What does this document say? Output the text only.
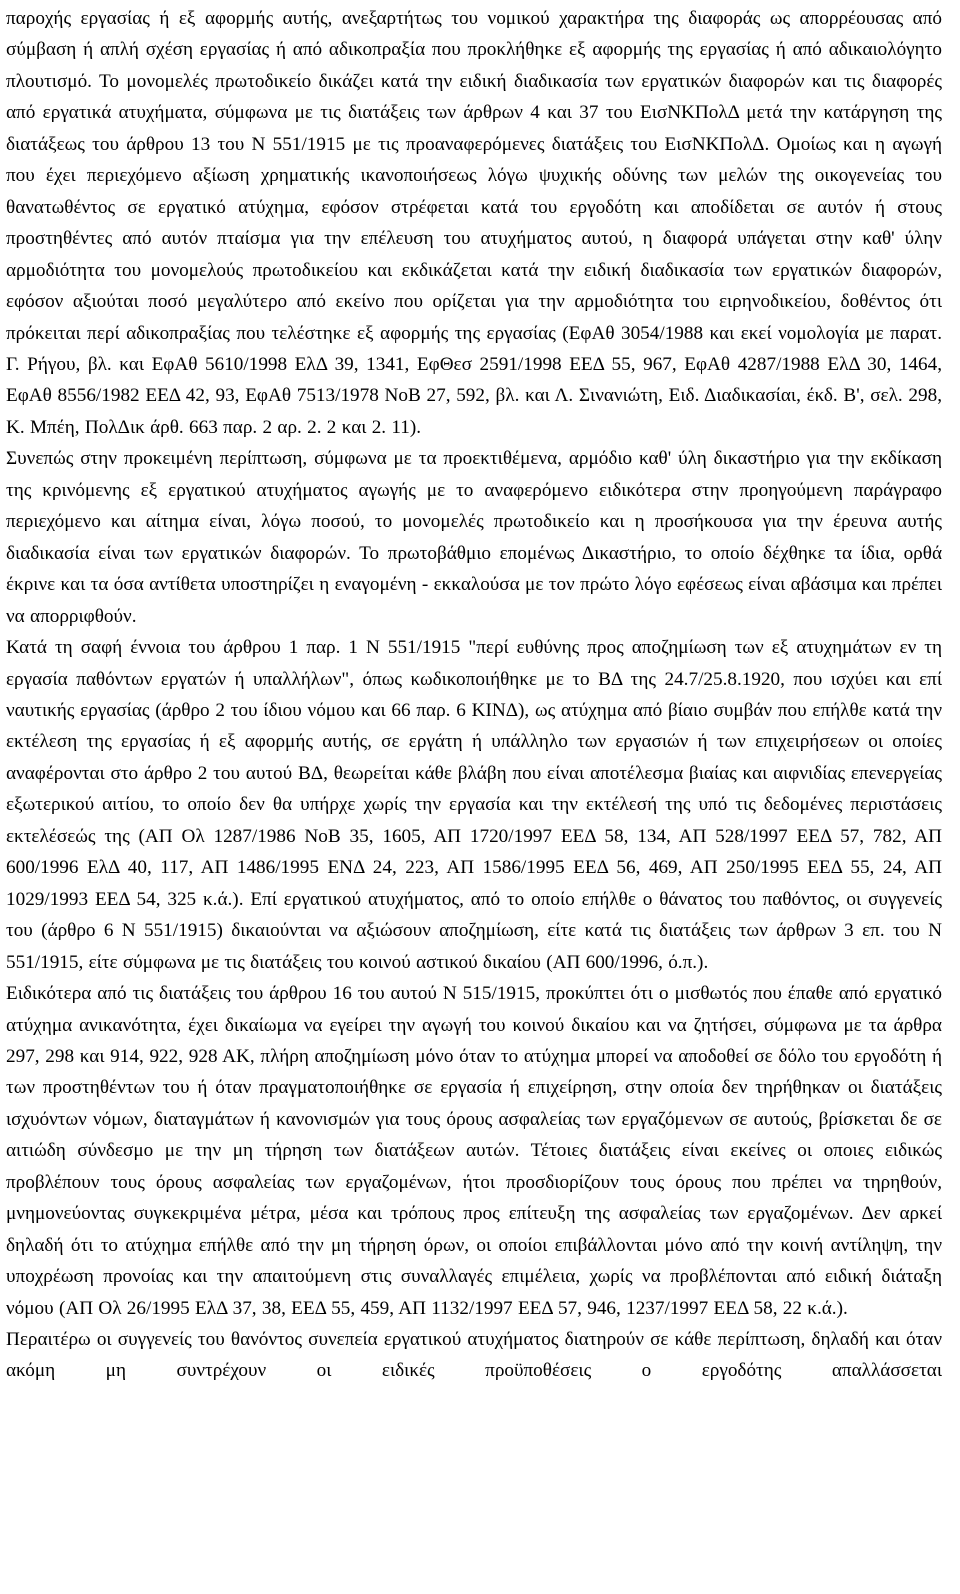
παροχής εργασίας ή εξ αφορμής αυτής, ανεξαρτήτως του νομικού χαρακτήρα της διαφοράς ως απορρέουσας από σύμβαση ή απλή σχέση εργασίας ή από αδικοπραξία που προκλήθηκε εξ αφορμής της εργασίας ή από αδικαιολόγητο πλουτισμό. Το μονομελές πρωτοδικείο δικάζει κατά την ειδική διαδικασία των εργατικών διαφορών και τις διαφορές από εργατικά ατυχήματα, σύμφωνα με τις διατάξεις των άρθρων 4 και 37 του ΕισΝΚΠολΔ μετά την κατάργηση της διατάξεως του άρθρου 13 του Ν 551/1915 με τις προαναφερόμενες διατάξεις του ΕισΝΚΠολΔ. Ομοίως και η αγωγή που έχει περιεχόμενο αξίωση χρηματικής ικανοποιήσεως λόγω ψυχικής οδύνης των μελών της οικογενείας του θανατωθέντος σε εργατικό ατύχημα, εφόσον στρέφεται κατά του εργοδότη και αποδίδεται σε αυτόν ή στους προστηθέντες από αυτόν πταίσμα για την επέλευση του ατυχήματος αυτού, η διαφορά υπάγεται στην καθ' ύλην αρμοδιότητα του μονομελούς πρωτοδικείου και εκδικάζεται κατά την ειδική διαδικασία των εργατικών διαφορών, εφόσον αξιούται ποσό μεγαλύτερο από εκείνο που ορίζεται για την αρμοδιότητα του ειρηνοδικείου, δοθέντος ότι πρόκειται περί αδικοπραξίας που τελέστηκε εξ αφορμής της εργασίας (ΕφΑθ 3054/1988 και εκεί νομολογία με παρατ. Γ. Ρήγου, βλ. και ΕφΑθ 5610/1998 ΕλΔ 39, 1341, ΕφΘεσ 2591/1998 ΕΕΔ 55, 967, ΕφΑθ 4287/1988 ΕλΔ 30, 1464, ΕφΑθ 8556/1982 ΕΕΔ 42, 93, ΕφΑθ 7513/1978 ΝοΒ 27, 592, βλ. και Λ. Σινανιώτη, Ειδ. Διαδικασίαι, έκδ. Β', σελ. 298, Κ. Μπέη, ΠολΔικ άρθ. 663 παρ. 2 αρ. 2. 2 και 2. 11).

Συνεπώς στην προκειμένη περίπτωση, σύμφωνα με τα προεκτιθέμενα, αρμόδιο καθ' ύλη δικαστήριο για την εκδίκαση της κρινόμενης εξ εργατικού ατυχήματος αγωγής με το αναφερόμενο ειδικότερα στην προηγούμενη παράγραφο περιεχόμενο και αίτημα είναι, λόγω ποσού, το μονομελές πρωτοδικείο και η προσήκουσα για την έρευνα αυτής διαδικασία είναι των εργατικών διαφορών. Το πρωτοβάθμιο επομένως Δικαστήριο, το οποίο δέχθηκε τα ίδια, ορθά έκρινε και τα όσα αντίθετα υποστηρίζει η εναγομένη - εκκαλούσα με τον πρώτο λόγο εφέσεως είναι αβάσιμα και πρέπει να απορριφθούν.

Κατά τη σαφή έννοια του άρθρου 1 παρ. 1 Ν 551/1915 "περί ευθύνης προς αποζημίωση των εξ ατυχημάτων εν τη εργασία παθόντων εργατών ή υπαλλήλων", όπως κωδικοποιήθηκε με το ΒΔ της 24.7/25.8.1920, που ισχύει και επί ναυτικής εργασίας (άρθρο 2 του ίδιου νόμου και 66 παρ. 6 ΚΙΝΔ), ως ατύχημα από βίαιο συμβάν που επήλθε κατά την εκτέλεση της εργασίας ή εξ αφορμής αυτής, σε εργάτη ή υπάλληλο των εργασιών ή των επιχειρήσεων οι οποίες αναφέρονται στο άρθρο 2 του αυτού ΒΔ, θεωρείται κάθε βλάβη που είναι αποτέλεσμα βιαίας και αιφνιδίας επενεργείας εξωτερικού αιτίου, το οποίο δεν θα υπήρχε χωρίς την εργασία και την εκτέλεσή της υπό τις δεδομένες περιστάσεις εκτελέσεώς της (ΑΠ Ολ 1287/1986 ΝοΒ 35, 1605, ΑΠ 1720/1997 ΕΕΔ 58, 134, ΑΠ 528/1997 ΕΕΔ 57, 782, ΑΠ 600/1996 ΕλΔ 40, 117, ΑΠ 1486/1995 ΕΝΔ 24, 223, ΑΠ 1586/1995 ΕΕΔ 56, 469, ΑΠ 250/1995 ΕΕΔ 55, 24, ΑΠ 1029/1993 ΕΕΔ 54, 325 κ.ά.). Επί εργατικού ατυχήματος, από το οποίο επήλθε ο θάνατος του παθόντος, οι συγγενείς του (άρθρο 6 Ν 551/1915) δικαιούνται να αξιώσουν αποζημίωση, είτε κατά τις διατάξεις των άρθρων 3 επ. του Ν 551/1915, είτε σύμφωνα με τις διατάξεις του κοινού αστικού δικαίου (ΑΠ 600/1996, ό.π.).

Ειδικότερα από τις διατάξεις του άρθρου 16 του αυτού Ν 515/1915, προκύπτει ότι ο μισθωτός που έπαθε από εργατικό ατύχημα ανικανότητα, έχει δικαίωμα να εγείρει την αγωγή του κοινού δικαίου και να ζητήσει, σύμφωνα με τα άρθρα 297, 298 και 914, 922, 928 ΑΚ, πλήρη αποζημίωση μόνο όταν το ατύχημα μπορεί να αποδοθεί σε δόλο του εργοδότη ή των προστηθέντων του ή όταν πραγματοποιήθηκε σε εργασία ή επιχείρηση, στην οποία δεν τηρήθηκαν οι διατάξεις ισχυόντων νόμων, διαταγμάτων ή κανονισμών για τους όρους ασφαλείας των εργαζόμενων σε αυτούς, βρίσκεται δε σε αιτιώδη σύνδεσμο με την μη τήρηση των διατάξεων αυτών. Τέτοιες διατάξεις είναι εκείνες οι οποιες ειδικώς προβλέπουν τους όρους ασφαλείας των εργαζομένων, ήτοι προσδιορίζουν τους όρους που πρέπει να τηρηθούν, μνημονεύοντας συγκεκριμένα μέτρα, μέσα και τρόπους προς επίτευξη της ασφαλείας των εργαζομένων. Δεν αρκεί δηλαδή ότι το ατύχημα επήλθε από την μη τήρηση όρων, οι οποίοι επιβάλλονται μόνο από την κοινή αντίληψη, την υποχρέωση προνοίας και την απαιτούμενη στις συναλλαγές επιμέλεια, χωρίς να προβλέπονται από ειδική διάταξη νόμου (ΑΠ Ολ 26/1995 ΕλΔ 37, 38, ΕΕΔ 55, 459, ΑΠ 1132/1997 ΕΕΔ 57, 946, 1237/1997 ΕΕΔ 58, 22 κ.ά.).

Περαιτέρω οι συγγενείς του θανόντος συνεπεία εργατικού ατυχήματος διατηρούν σε κάθε περίπτωση, δηλαδή και όταν ακόμη μη συντρέχουν οι ειδικές προϋποθέσεις ο εργοδότης απαλλάσσεται
